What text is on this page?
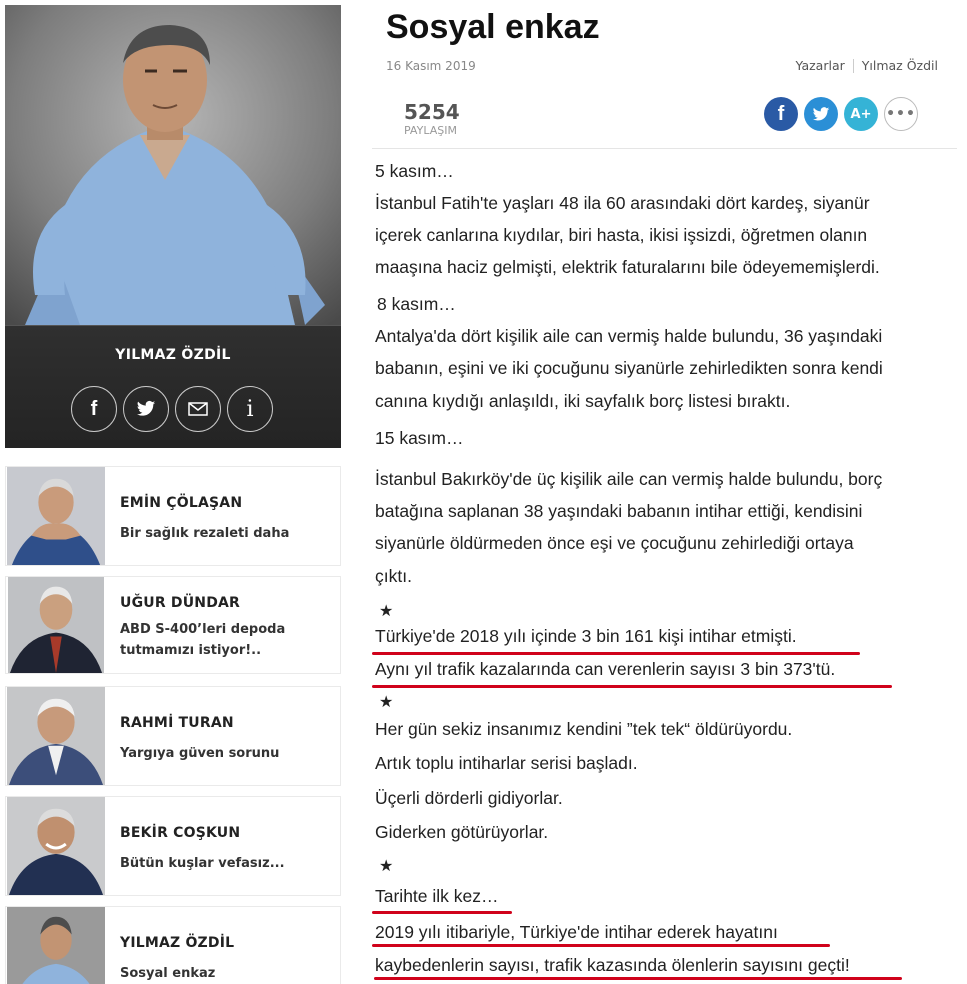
YILMAZ ÖZDİL
f	i
EMİN ÇÖLAŞAN
Bir sağlık rezaleti daha
UĞUR DÜNDAR
ABD S-400’leri depoda tutmamızı istiyor!..
RAHMİ TURAN
Yargıya güven sorunu
BEKİR COŞKUN
Bütün kuşlar vefasız...
YILMAZ ÖZDİL
Sosyal enkaz
Sosyal enkaz
16 Kasım 2019	Yazarlar Yılmaz Özdil
5254
PAYLAŞIM
f	A+	•••
5 kasım…
İstanbul Fatih'te yaşları 48 ila 60 arasındaki dört kardeş, siyanür
içerek canlarına kıydılar, biri hasta, ikisi işsizdi, öğretmen olanın
maaşına haciz gelmişti, elektrik faturalarını bile ödeyememişlerdi.
8 kasım…
Antalya'da dört kişilik aile can vermiş halde bulundu, 36 yaşındaki
babanın, eşini ve iki çocuğunu siyanürle zehirledikten sonra kendi
canına kıydığı anlaşıldı, iki sayfalık borç listesi bıraktı.
15 kasım…
İstanbul Bakırköy'de üç kişilik aile can vermiş halde bulundu, borç
batağına saplanan 38 yaşındaki babanın intihar ettiği, kendisini
siyanürle öldürmeden önce eşi ve çocuğunu zehirlediği ortaya
çıktı.
★
Türkiye'de 2018 yılı içinde 3 bin 161 kişi intihar etmişti.
Aynı yıl trafik kazalarında can verenlerin sayısı 3 bin 373'tü.
★
Her gün sekiz insanımız kendini ”tek tek“ öldürüyordu.
Artık toplu intiharlar serisi başladı.
Üçerli dörderli gidiyorlar.
Giderken götürüyorlar.
★
Tarihte ilk kez…
2019 yılı itibariyle, Türkiye'de intihar ederek hayatını
kaybedenlerin sayısı, trafik kazasında ölenlerin sayısını geçti!
